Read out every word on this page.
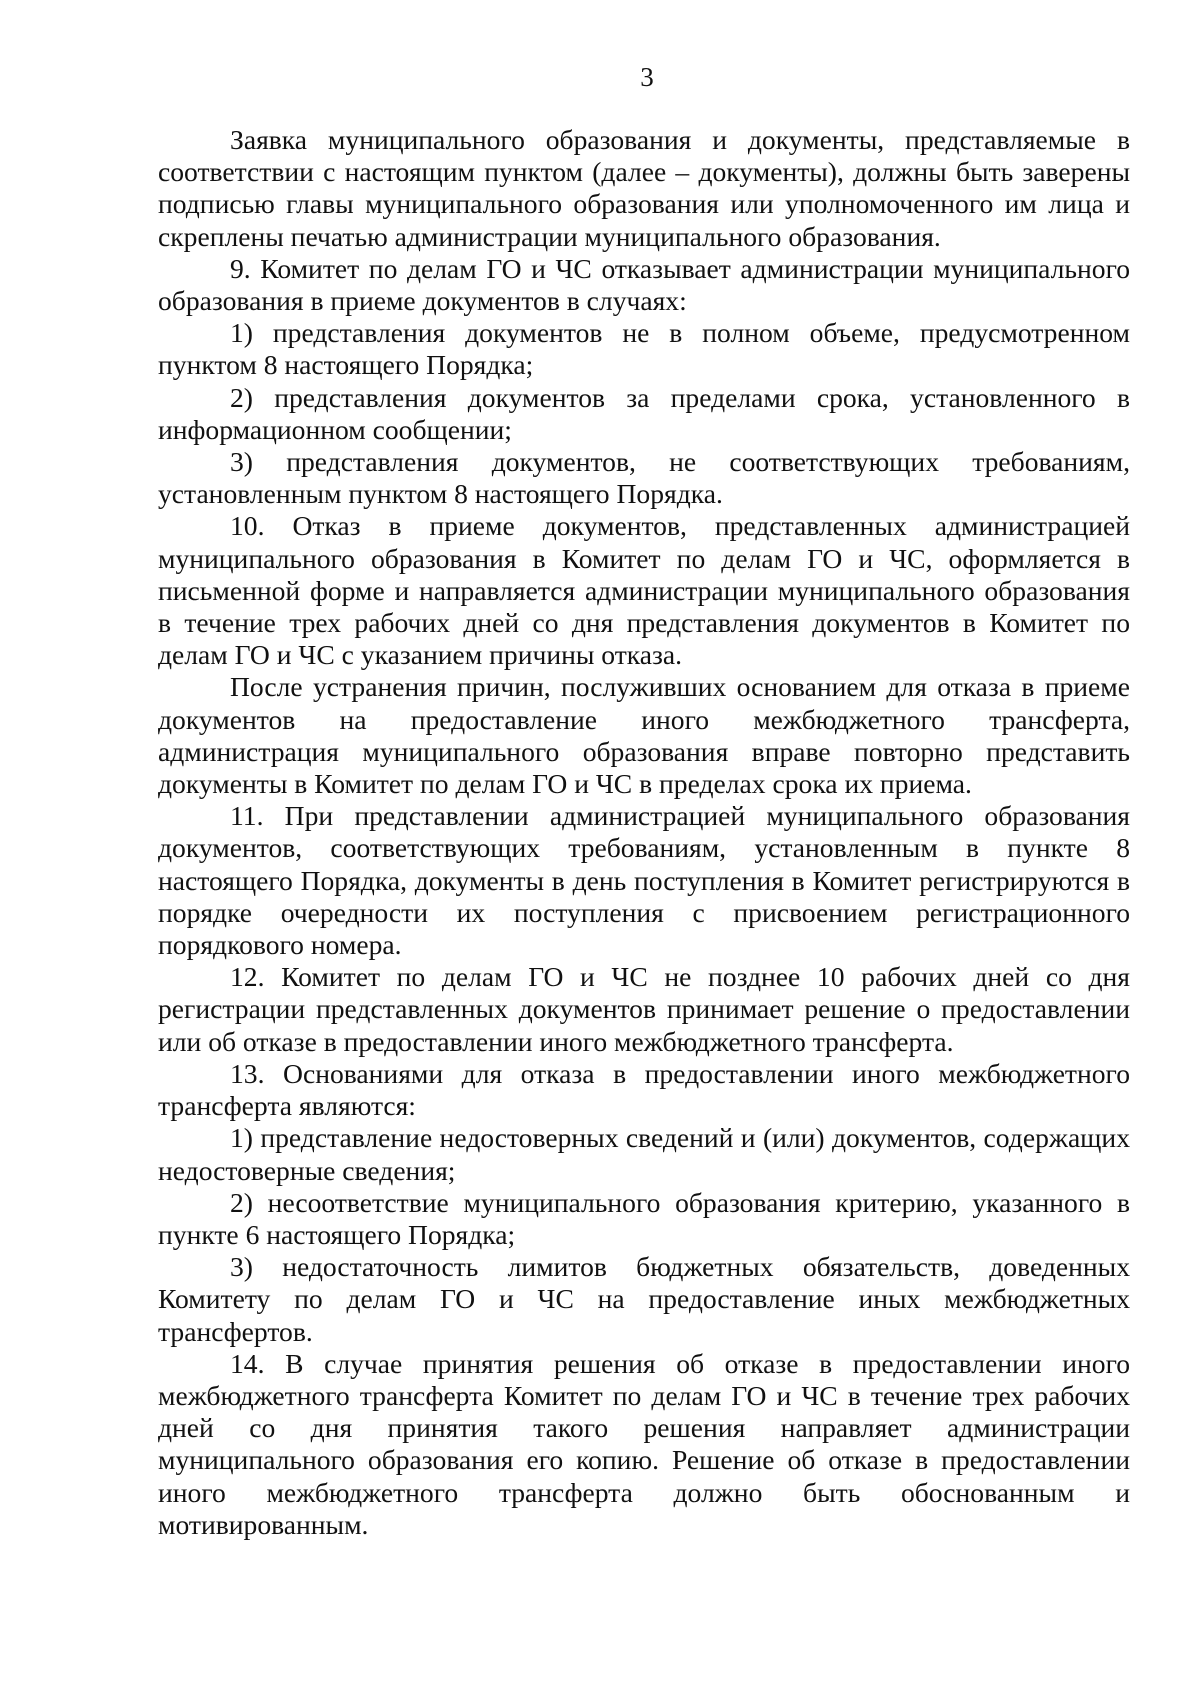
3

Заявка муниципального образования и документы, представляемые в соответствии с настоящим пунктом (далее – документы), должны быть заверены подписью главы муниципального образования или уполномоченного им лица и скреплены печатью администрации муниципального образования.

9. Комитет по делам ГО и ЧС отказывает администрации муниципального образования в приеме документов в случаях:

1) представления документов не в полном объеме, предусмотренном пунктом 8 настоящего Порядка;

2) представления документов за пределами срока, установленного в информационном сообщении;

3) представления документов, не соответствующих требованиям, установленным пунктом 8 настоящего Порядка.

10. Отказ в приеме документов, представленных администрацией муниципального образования в Комитет по делам ГО и ЧС, оформляется в письменной форме и направляется администрации муниципального образования в течение трех рабочих дней со дня представления документов в Комитет по делам ГО и ЧС с указанием причины отказа.

После устранения причин, послуживших основанием для отказа в приеме документов на предоставление иного межбюджетного трансферта, администрация муниципального образования вправе повторно представить документы в Комитет по делам ГО и ЧС в пределах срока их приема.

11. При представлении администрацией муниципального образования документов, соответствующих требованиям, установленным в пункте 8 настоящего Порядка, документы в день поступления в Комитет регистрируются в порядке очередности их поступления с присвоением регистрационного порядкового номера.

12. Комитет по делам ГО и ЧС не позднее 10 рабочих дней со дня регистрации представленных документов принимает решение о предоставлении или об отказе в предоставлении иного межбюджетного трансферта.

13. Основаниями для отказа в предоставлении иного межбюджетного трансферта являются:

1) представление недостоверных сведений и (или) документов, содержащих недостоверные сведения;

2) несоответствие муниципального образования критерию, указанного в пункте 6 настоящего Порядка;

3) недостаточность лимитов бюджетных обязательств, доведенных Комитету по делам ГО и ЧС на предоставление иных межбюджетных трансфертов.

14. В случае принятия решения об отказе в предоставлении иного межбюджетного трансферта Комитет по делам ГО и ЧС в течение трех рабочих дней со дня принятия такого решения направляет администрации муниципального образования его копию. Решение об отказе в предоставлении иного межбюджетного трансферта должно быть обоснованным и мотивированным.
